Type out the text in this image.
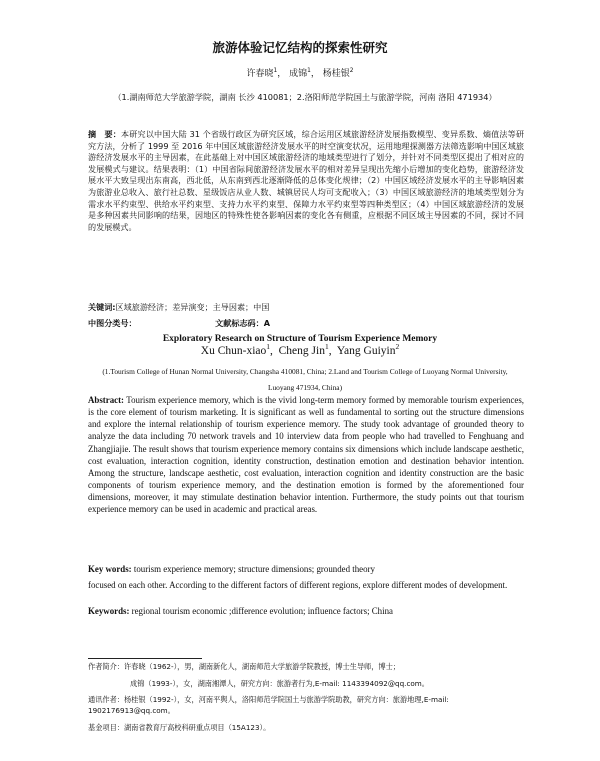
旅游体验记忆结构的探索性研究
许春晓$^1$， 成锦$^1$， 杨桂银$^2$
（1.湖南师范大学旅游学院，湖南 长沙 410081；2.洛阳师范学院国土与旅游学院，河南 洛阳 471934）
摘　要：本研究以中国大陆 31 个省级行政区为研究区域，综合运用区域旅游经济发展指数模型、变异系数、熵值法等研究方法，分析了 1999 至 2016 年中国区域旅游经济发展水平的时空演变状况，运用地理探测器方法筛选影响中国区域旅游经济发展水平的主导因素，在此基础上对中国区域旅游经济的地域类型进行了划分，并针对不同类型区提出了相对应的发展模式与建议。结果表明：（1）中国省际间旅游经济发展水平的相对差异呈现出先缩小后增加的变化趋势，旅游经济发展水平大致呈现出东南高，西北低，从东南到西北逐渐降低的总体变化规律；（2）中国区域经济发展水平的主导影响因素为旅游业总收入、旅行社总数、星级饭店从业人数、城镇居民人均可支配收入；（3）中国区域旅游经济的地域类型划分为需求水平约束型、供给水平约束型、支持力水平约束型、保障力水平约束型等四种类型区；（4）中国区域旅游经济的发展是多种因素共同影响的结果，因地区的特殊性使各影响因素的变化各有侧重，应根据不同区域主导因素的不同，探讨不同的发展模式。
关键词:区域旅游经济；差异演变；主导因素；中国
中图分类号：	文献标志码：A
Exploratory Research on Structure of Tourism Experience Memory
Xu Chun-xiao$^1$,  Cheng Jin$^1$,  Yang Guiyin$^2$
(1.Tourism College of Hunan Normal University, Changsha 410081, China; 2.Land and Tourism College of Luoyang Normal University, Luoyang 471934, China)
Abstract: Tourism experience memory, which is the vivid long-term memory formed by memorable tourism experiences, is the core element of tourism marketing. It is significant as well as fundamental to sorting out the structure dimensions and explore the internal relationship of tourism experience memory. The study took advantage of grounded theory to analyze the data including 70 network travels and 10 interview data from people who had travelled to Fenghuang and Zhangjiajie. The result shows that tourism experience memory contains six dimensions which include landscape aesthetic, cost evaluation, interaction cognition, identity construction, destination emotion and destination behavior intention. Among the structure, landscape aesthetic, cost evaluation, interaction cognition and identity construction are the basic components of tourism experience memory, and the destination emotion is formed by the aforementioned four dimensions, moreover, it may stimulate destination behavior intention. Furthermore, the study points out that tourism experience memory can be used in academic and practical areas.
Key words: tourism experience memory; structure dimensions; grounded theory
focused on each other. According to the different factors of different regions, explore different modes of development.
Keywords: regional tourism economic ;difference evolution; influence factors; China
作者简介：许春晓（1962-），男，湖南新化人，湖南师范大学旅游学院教授，博士生导师，博士；
成锦（1993-），女，湖南湘潭人，研究方向：旅游者行为,E-mail: 1143394092@qq.com。
通讯作者：杨桂银（1992-），女，河南平舆人，洛阳师范学院国土与旅游学院助教，研究方向：旅游地理,E-mail: 1902176913@qq.com。
基金项目：湖南省教育厅高校科研重点项目（15A123）。
